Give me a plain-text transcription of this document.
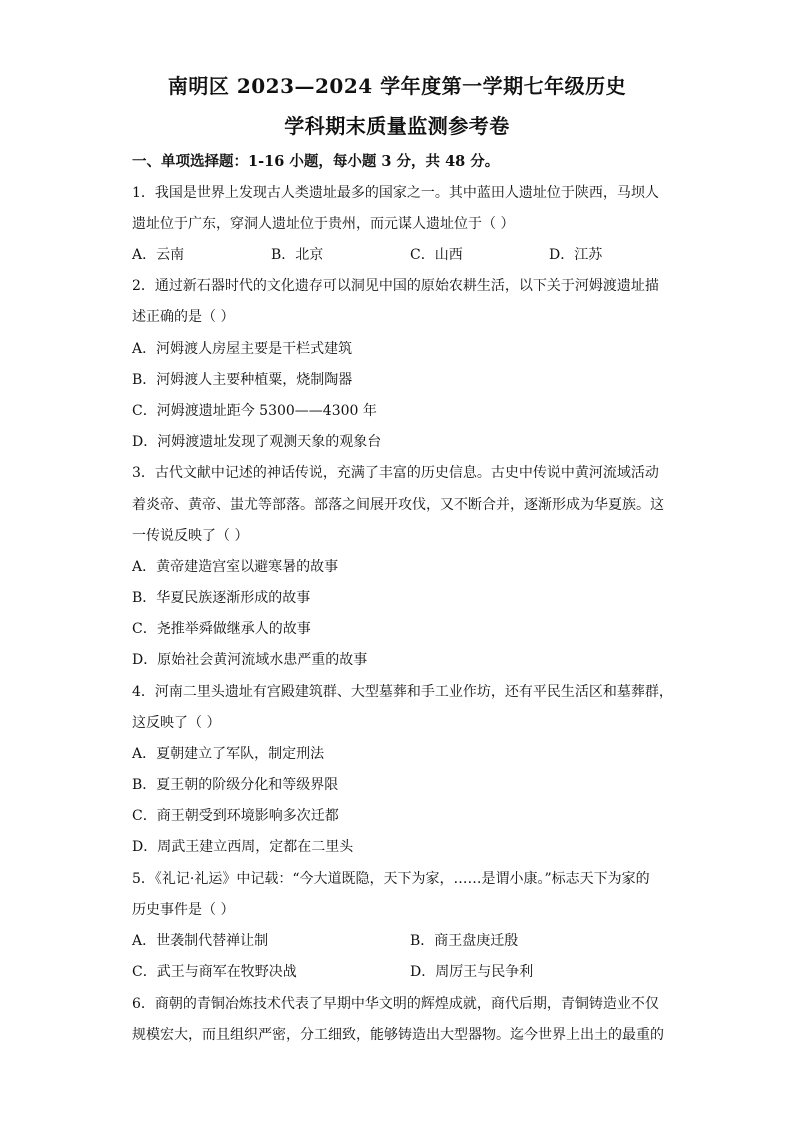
南明区 2023—2024 学年度第一学期七年级历史
学科期末质量监测参考卷
一、单项选择题：1-16 小题，每小题 3 分，共 48 分。
1．我国是世界上发现古人类遗址最多的国家之一。其中蓝田人遗址位于陕西，马坝人
遗址位于广东，穿洞人遗址位于贵州，而元谋人遗址位于（ ）
A．云南	B．北京	C．山西	D．江苏
2．通过新石器时代的文化遗存可以洞见中国的原始农耕生活，以下关于河姆渡遗址描
述正确的是（ ）
A．河姆渡人房屋主要是干栏式建筑
B．河姆渡人主要种植粟，烧制陶器
C．河姆渡遗址距今 5300——4300 年
D．河姆渡遗址发现了观测天象的观象台
3．古代文献中记述的神话传说，充满了丰富的历史信息。古史中传说中黄河流域活动
着炎帝、黄帝、蚩尤等部落。部落之间展开攻伐，又不断合并，逐渐形成为华夏族。这
一传说反映了（ ）
A．黄帝建造宫室以避寒暑的故事
B．华夏民族逐渐形成的故事
C．尧推举舜做继承人的故事
D．原始社会黄河流域水患严重的故事
4．河南二里头遗址有宫殿建筑群、大型墓葬和手工业作坊，还有平民生活区和墓葬群，
这反映了（ ）
A．夏朝建立了军队，制定刑法
B．夏王朝的阶级分化和等级界限
C．商王朝受到环境影响多次迁都
D．周武王建立西周，定都在二里头
5．《礼记·礼运》中记载：“今大道既隐，天下为家，……是谓小康。”标志天下为家的
历史事件是（ ）
A．世袭制代替禅让制	B．商王盘庚迁殷
C．武王与商军在牧野决战	D．周厉王与民争利
6．商朝的青铜冶炼技术代表了早期中华文明的辉煌成就，商代后期，青铜铸造业不仅
规模宏大，而且组织严密，分工细致，能够铸造出大型器物。迄今世界上出土的最重的
